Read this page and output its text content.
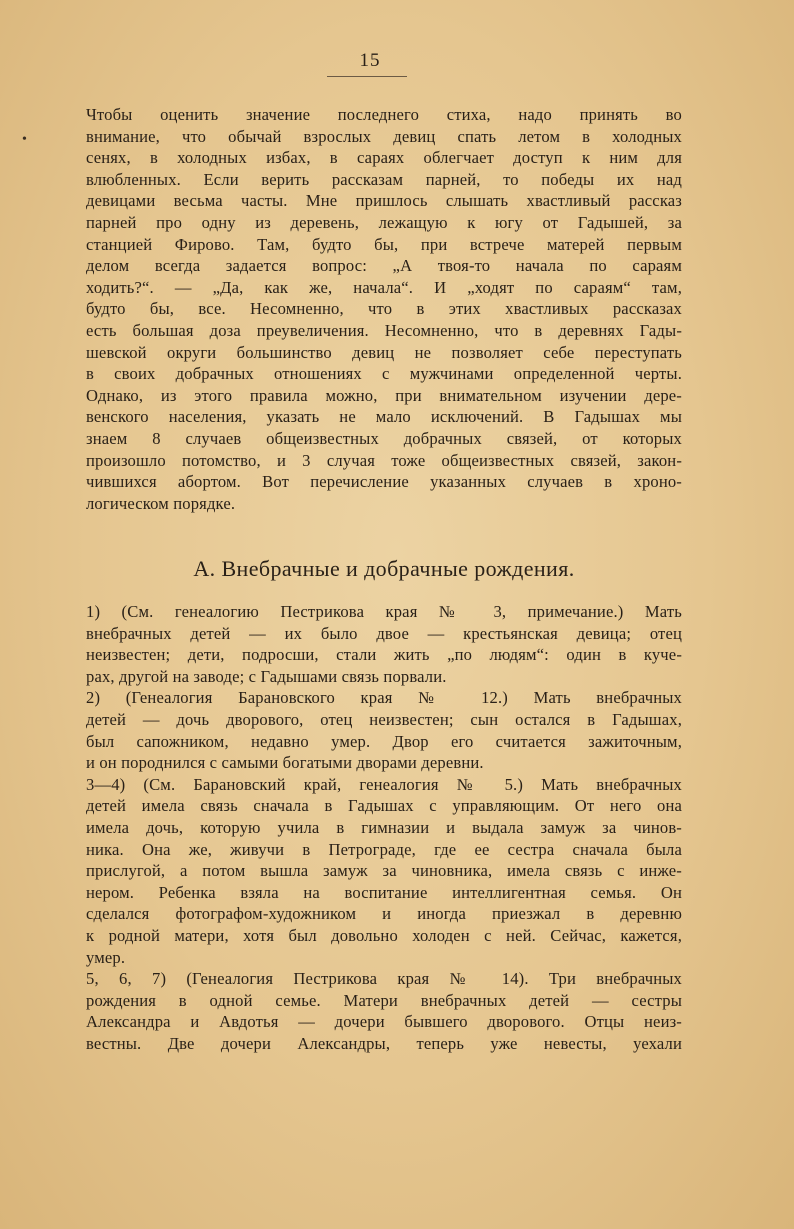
15
•
Чтобы оценить значение последнего стиха, надо принять во
внимание, что обычай взрослых девиц спать летом в холодных
сенях, в холодных избах, в сараях облегчает доступ к ним для
влюбленных. Если верить рассказам парней, то победы их над
девицами весьма часты. Мне пришлось слышать хвастливый рассказ
парней про одну из деревень, лежащую к югу от Гадышей, за
станцией Фирово. Там, будто бы, при встрече матерей первым
делом всегда задается вопрос: „А твоя-то начала по сараям
ходить?“. — „Да, как же, начала“. И „ходят по сараям“ там,
будто бы, все. Несомненно, что в этих хвастливых рассказах
есть большая доза преувеличения. Несомненно, что в деревнях Гады-
шевской округи большинство девиц не позволяет себе переступать
в своих добрачных отношениях с мужчинами определенной черты.
Однако, из этого правила можно, при внимательном изучении дере-
венского населения, указать не мало исключений. В Гадышах мы
знаем 8 случаев общеизвестных добрачных связей, от которых
произошло потомство, и 3 случая тоже общеизвестных связей, закон-
чившихся абортом. Вот перечисление указанных случаев в хроно-
логическом порядке.
А. Внебрачные и добрачные рождения.
1) (См. генеалогию Пестрикова края № 3, примечание.) Мать
внебрачных детей — их было двое — крестьянская девица; отец
неизвестен; дети, подросши, стали жить „по людям“: один в куче-
рах, другой на заводе; с Гадышами связь порвали.
2) (Генеалогия Барановского края № 12.) Мать внебрачных
детей — дочь дворового, отец неизвестен; сын остался в Гадышах,
был сапожником, недавно умер. Двор его считается зажиточным,
и он породнился с самыми богатыми дворами деревни.
3—4) (См. Барановский край, генеалогия № 5.) Мать внебрачных
детей имела связь сначала в Гадышах с управляющим. От него она
имела дочь, которую учила в гимназии и выдала замуж за чинов-
ника. Она же, живучи в Петрограде, где ее сестра сначала была
прислугой, а потом вышла замуж за чиновника, имела связь с инже-
нером. Ребенка взяла на воспитание интеллигентная семья. Он
сделался фотографом-художником и иногда приезжал в деревню
к родной матери, хотя был довольно холоден с ней. Сейчас, кажется,
умер.
5, 6, 7) (Генеалогия Пестрикова края № 14). Три внебрачных
рождения в одной семье. Матери внебрачных детей — сестры
Александра и Авдотья — дочери бывшего дворового. Отцы неиз-
вестны. Две дочери Александры, теперь уже невесты, уехали
